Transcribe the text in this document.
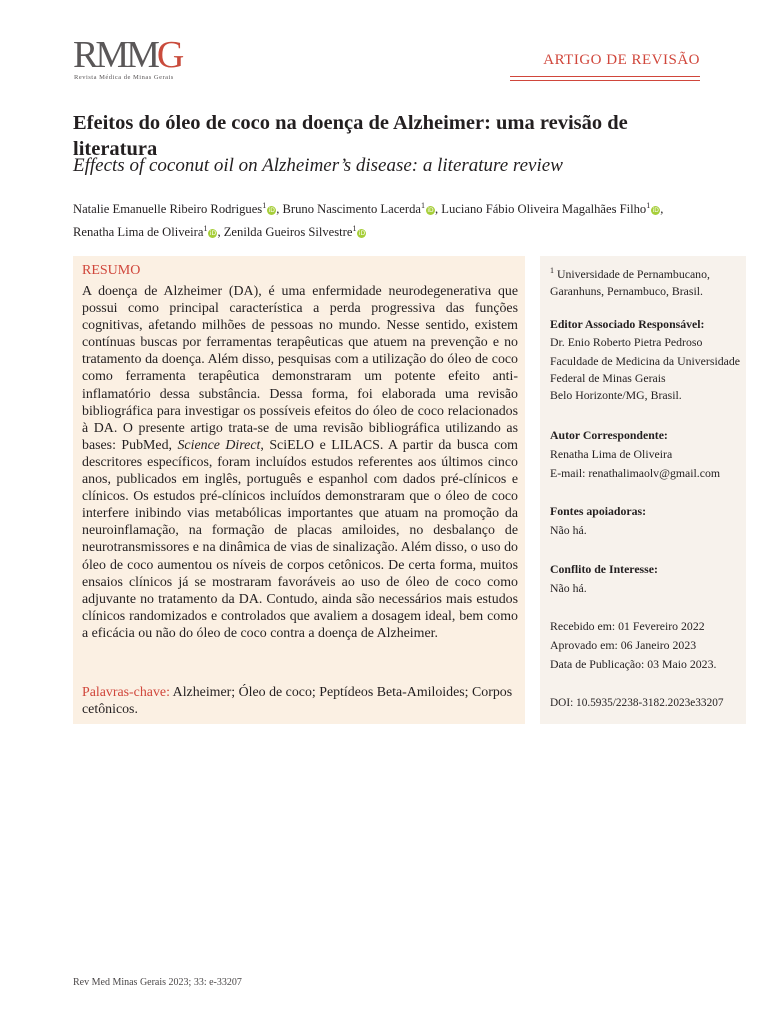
RMMG
Revista Médica de Minas Gerais
ARTIGO DE REVISÃO
Efeitos do óleo de coco na doença de Alzheimer: uma revisão de literatura
Effects of coconut oil on Alzheimer’s disease: a literature review
Natalie Emanuelle Ribeiro Rodrigues$^1$iD, Bruno Nascimento Lacerda$^1$iD, Luciano Fábio Oliveira Magalhães Filho$^1$iD,
Renatha Lima de Oliveira$^1$iD, Zenilda Gueiros Silvestre$^1$iD
RESUMO
A doença de Alzheimer (DA), é uma enfermidade neurodegenerativa que possui como principal característica a perda progressiva das funções cognitivas, afetando milhões de pessoas no mundo. Nesse sentido, existem contínuas buscas por ferramentas terapêuticas que atuem na prevenção e no tratamento da doença. Além disso, pesquisas com a utilização do óleo de coco como ferramenta terapêutica demonstraram um potente efeito anti-inflamatório dessa substância. Dessa forma, foi elaborada uma revisão bibliográfica para investigar os possíveis efeitos do óleo de coco relacionados à DA. O presente artigo trata-se de uma revisão bibliográfica utilizando as bases: PubMed, Science Direct, SciELO e LILACS. A partir da busca com descritores específicos, foram incluídos estudos referentes aos últimos cinco anos, publicados em inglês, português e espanhol com dados pré-clínicos e clínicos. Os estudos pré-clínicos incluídos demonstraram que o óleo de coco interfere inibindo vias metabólicas importantes que atuam na promoção da neuroinflamação, na formação de placas amiloides, no desbalanço de neurotransmissores e na dinâmica de vias de sinalização. Além disso, o uso do óleo de coco aumentou os níveis de corpos cetônicos. De certa forma, muitos ensaios clínicos já se mostraram favoráveis ao uso de óleo de coco como adjuvante no tratamento da DA. Contudo, ainda são necessários mais estudos clínicos randomizados e controlados que avaliem a dosagem ideal, bem como a eficácia ou não do óleo de coco contra a doença de Alzheimer.
Palavras-chave: Alzheimer; Óleo de coco; Peptídeos Beta-Amiloides; Corpos cetônicos.
$^1$ Universidade de Pernambucano, Garanhuns, Pernambuco, Brasil.
Editor Associado Responsável:
Dr. Enio Roberto Pietra Pedroso
Faculdade de Medicina da Universidade Federal de Minas Gerais
Belo Horizonte/MG, Brasil.
Autor Correspondente:
Renatha Lima de Oliveira
E-mail: renathalimaolv@gmail.com
Fontes apoiadoras:
Não há.
Conflito de Interesse:
Não há.
Recebido em: 01 Fevereiro 2022
Aprovado em: 06 Janeiro 2023
Data de Publicação: 03 Maio 2023.
DOI: 10.5935/2238-3182.2023e33207
Rev Med Minas Gerais 2023; 33: e-33207
